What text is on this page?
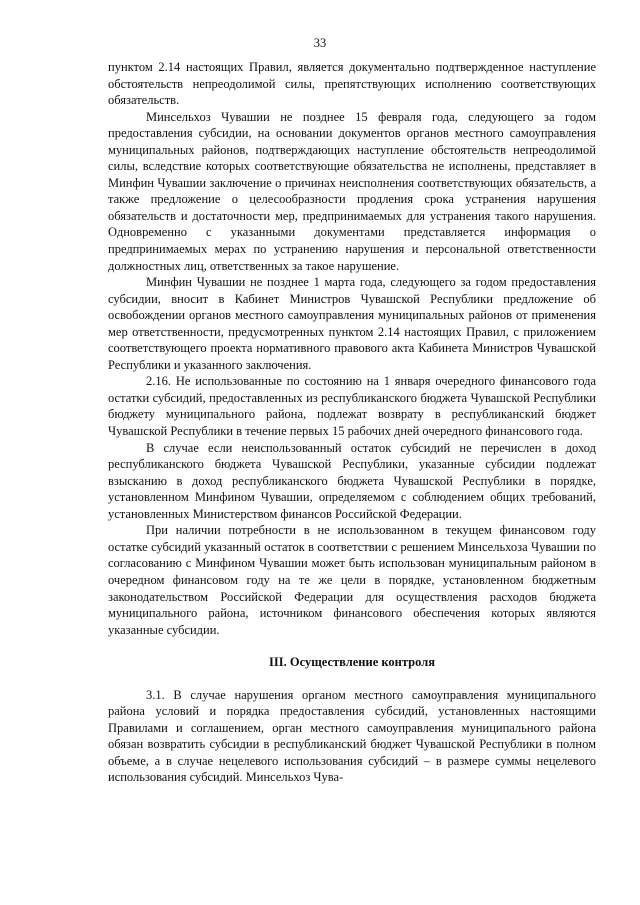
33

пунктом 2.14 настоящих Правил, является документально подтвержденное наступление обстоятельств непреодолимой силы, препятствующих исполнению соответствующих обязательств.

Минсельхоз Чувашии не позднее 15 февраля года, следующего за годом предоставления субсидии, на основании документов органов местного самоуправления муниципальных районов, подтверждающих наступление обстоятельств непреодолимой силы, вследствие которых соответствующие обязательства не исполнены, представляет в Минфин Чувашии заключение о причинах неисполнения соответствующих обязательств, а также предложение о целесообразности продления срока устранения нарушения обязательств и достаточности мер, предпринимаемых для устранения такого нарушения. Одновременно с указанными документами представляется информация о предпринимаемых мерах по устранению нарушения и персональной ответственности должностных лиц, ответственных за такое нарушение.

Минфин Чувашии не позднее 1 марта года, следующего за годом предоставления субсидии, вносит в Кабинет Министров Чувашской Республики предложение об освобождении органов местного самоуправления муниципальных районов от применения мер ответственности, предусмотренных пунктом 2.14 настоящих Правил, с приложением соответствующего проекта нормативного правового акта Кабинета Министров Чувашской Республики и указанного заключения.

2.16. Не использованные по состоянию на 1 января очередного финансового года остатки субсидий, предоставленных из республиканского бюджета Чувашской Республики бюджету муниципального района, подлежат возврату в республиканский бюджет Чувашской Республики в течение первых 15 рабочих дней очередного финансового года.

В случае если неиспользованный остаток субсидий не перечислен в доход республиканского бюджета Чувашской Республики, указанные субсидии подлежат взысканию в доход республиканского бюджета Чувашской Республики в порядке, установленном Минфином Чувашии, определяемом с соблюдением общих требований, установленных Министерством финансов Российской Федерации.

При наличии потребности в не использованном в текущем финансовом году остатке субсидий указанный остаток в соответствии с решением Минсельхоза Чувашии по согласованию с Минфином Чувашии может быть использован муниципальным районом в очередном финансовом году на те же цели в порядке, установленном бюджетным законодательством Российской Федерации для осуществления расходов бюджета муниципального района, источником финансового обеспечения которых являются указанные субсидии.

III. Осуществление контроля

3.1. В случае нарушения органом местного самоуправления муниципального района условий и порядка предоставления субсидий, установленных настоящими Правилами и соглашением, орган местного самоуправления муниципального района обязан возвратить субсидии в республиканский бюджет Чувашской Республики в полном объеме, а в случае нецелевого использования субсидий – в размере суммы нецелевого использования субсидий. Минсельхоз Чува-
